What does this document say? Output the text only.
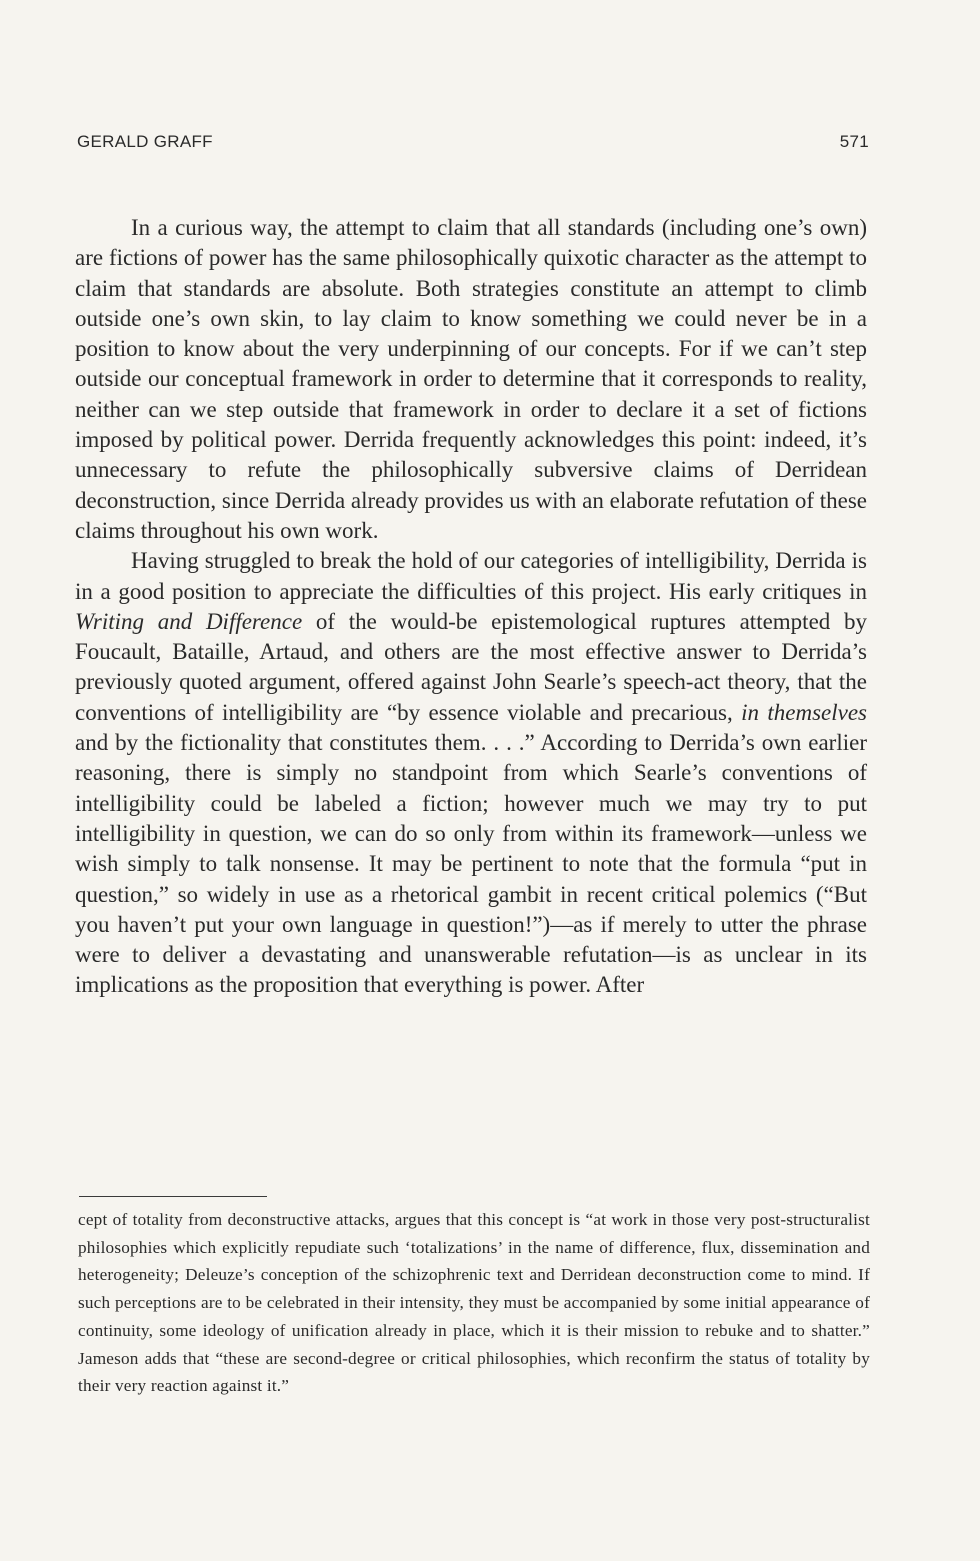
GERALD GRAFF	571

In a curious way, the attempt to claim that all standards (including one’s own) are fictions of power has the same philosophically quixotic character as the attempt to claim that standards are absolute. Both strategies constitute an attempt to climb outside one’s own skin, to lay claim to know something we could never be in a position to know about the very underpinning of our concepts. For if we can’t step outside our conceptual framework in order to determine that it corresponds to reality, neither can we step outside that framework in order to declare it a set of fictions imposed by political power. Derrida frequently acknowledges this point: indeed, it’s unnecessary to refute the philosophically subversive claims of Derridean deconstruction, since Derrida already provides us with an elaborate refutation of these claims throughout his own work.

Having struggled to break the hold of our categories of intelligibility, Derrida is in a good position to appreciate the difficulties of this project. His early critiques in Writing and Difference of the would-be epistemological ruptures attempted by Foucault, Bataille, Artaud, and others are the most effective answer to Derrida’s previously quoted argument, offered against John Searle’s speech-act theory, that the conventions of intelligibility are “by essence violable and precarious, in themselves and by the fictionality that constitutes them. . . .” According to Derrida’s own earlier reasoning, there is simply no standpoint from which Searle’s conventions of intelligibility could be labeled a fiction; however much we may try to put intelligibility in question, we can do so only from within its framework—unless we wish simply to talk nonsense. It may be pertinent to note that the formula “put in question,” so widely in use as a rhetorical gambit in recent critical polemics (“But you haven’t put your own language in question!”)—as if merely to utter the phrase were to deliver a devastating and unanswerable refutation—is as unclear in its implications as the proposition that everything is power. After

cept of totality from deconstructive attacks, argues that this concept is “at work in those very post-structuralist philosophies which explicitly repudiate such ‘totalizations’ in the name of difference, flux, dissemination and heterogeneity; Deleuze’s conception of the schizophrenic text and Derridean deconstruction come to mind. If such perceptions are to be celebrated in their intensity, they must be accompanied by some initial appearance of continuity, some ideology of unification already in place, which it is their mission to rebuke and to shatter.” Jameson adds that “these are second-degree or critical philosophies, which reconfirm the status of totality by their very reaction against it.”
